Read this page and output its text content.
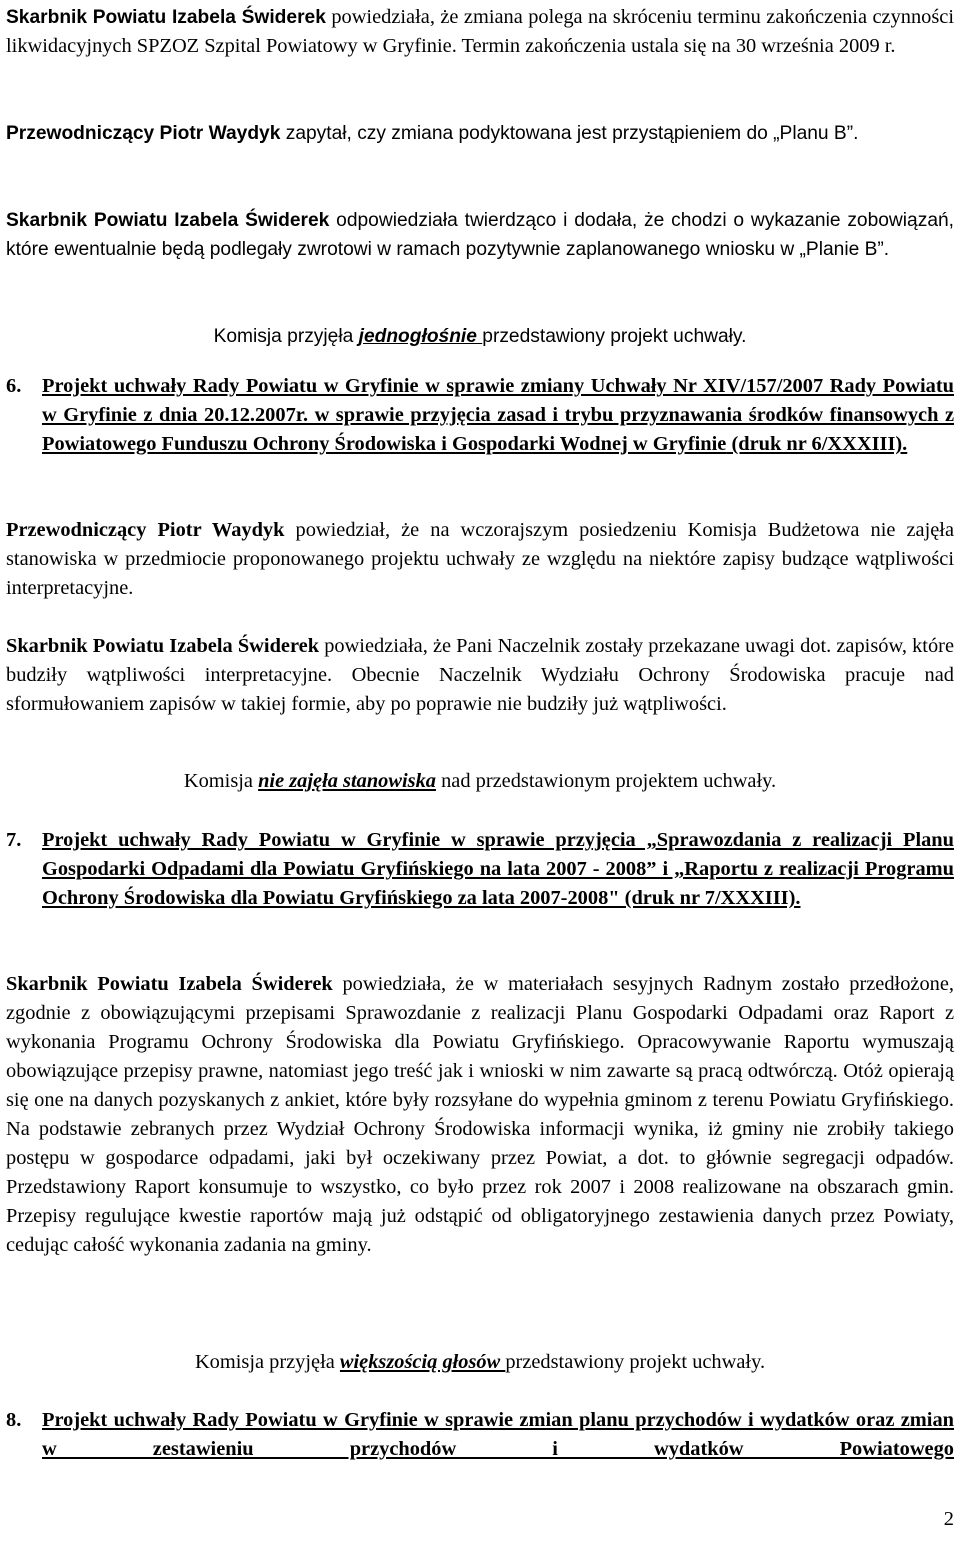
Skarbnik Powiatu Izabela Świderek powiedziała, że zmiana polega na skróceniu terminu zakończenia czynności likwidacyjnych SPZOZ Szpital Powiatowy w Gryfinie. Termin zakończenia ustala się na 30 września 2009 r.

Przewodniczący Piotr Waydyk zapytał, czy zmiana podyktowana jest przystąpieniem do „Planu B”.

Skarbnik Powiatu Izabela Świderek odpowiedziała twierdząco i dodała, że chodzi o wykazanie zobowiązań, które ewentualnie będą podlegały zwrotowi w ramach pozytywnie zaplanowanego wniosku w „Planie B”.

Komisja przyjęła jednogłośnie przedstawiony projekt uchwały.

6.	Projekt uchwały Rady Powiatu w Gryfinie w sprawie zmiany Uchwały Nr XIV/157/2007 Rady Powiatu w Gryfinie z dnia 20.12.2007r. w sprawie przyjęcia zasad i trybu przyznawania środków finansowych z Powiatowego Funduszu Ochrony Środowiska i Gospodarki Wodnej w Gryfinie (druk nr 6/XXXIII).

Przewodniczący Piotr Waydyk powiedział, że na wczorajszym posiedzeniu Komisja Budżetowa nie zajęła stanowiska w przedmiocie proponowanego projektu uchwały ze względu na niektóre zapisy budzące wątpliwości interpretacyjne.

Skarbnik Powiatu Izabela Świderek powiedziała, że Pani Naczelnik zostały przekazane uwagi dot. zapisów, które budziły wątpliwości interpretacyjne. Obecnie Naczelnik Wydziału Ochrony Środowiska pracuje nad sformułowaniem zapisów w takiej formie, aby po poprawie nie budziły już wątpliwości.

Komisja nie zajęła stanowiska nad przedstawionym projektem uchwały.

7.	Projekt uchwały Rady Powiatu w Gryfinie w sprawie przyjęcia „Sprawozdania z realizacji Planu Gospodarki Odpadami dla Powiatu Gryfińskiego na lata 2007 - 2008” i „Raportu z realizacji Programu Ochrony Środowiska dla Powiatu Gryfińskiego za lata 2007-2008" (druk nr 7/XXXIII).

Skarbnik Powiatu Izabela Świderek powiedziała, że w materiałach sesyjnych Radnym zostało przedłożone, zgodnie z obowiązującymi przepisami Sprawozdanie z realizacji Planu Gospodarki Odpadami oraz Raport z wykonania Programu Ochrony Środowiska dla Powiatu Gryfińskiego. Opracowywanie Raportu wymuszają obowiązujące przepisy prawne, natomiast jego treść jak i wnioski w nim zawarte są pracą odtwórczą. Otóż opierają się one na danych pozyskanych z ankiet, które były rozsyłane do wypełnia gminom z terenu Powiatu Gryfińskiego. Na podstawie zebranych przez Wydział Ochrony Środowiska informacji wynika, iż gminy nie zrobiły takiego postępu w gospodarce odpadami, jaki był oczekiwany przez Powiat, a dot. to głównie segregacji odpadów. Przedstawiony Raport konsumuje to wszystko, co było przez rok 2007 i 2008 realizowane na obszarach gmin. Przepisy regulujące kwestie raportów mają już odstąpić od obligatoryjnego zestawienia danych przez Powiaty, cedując całość wykonania zadania na gminy.

Komisja przyjęła większością głosów przedstawiony projekt uchwały.

8.	Projekt uchwały Rady Powiatu w Gryfinie w sprawie zmian planu przychodów i wydatków oraz zmian w zestawieniu przychodów i wydatków Powiatowego

2
